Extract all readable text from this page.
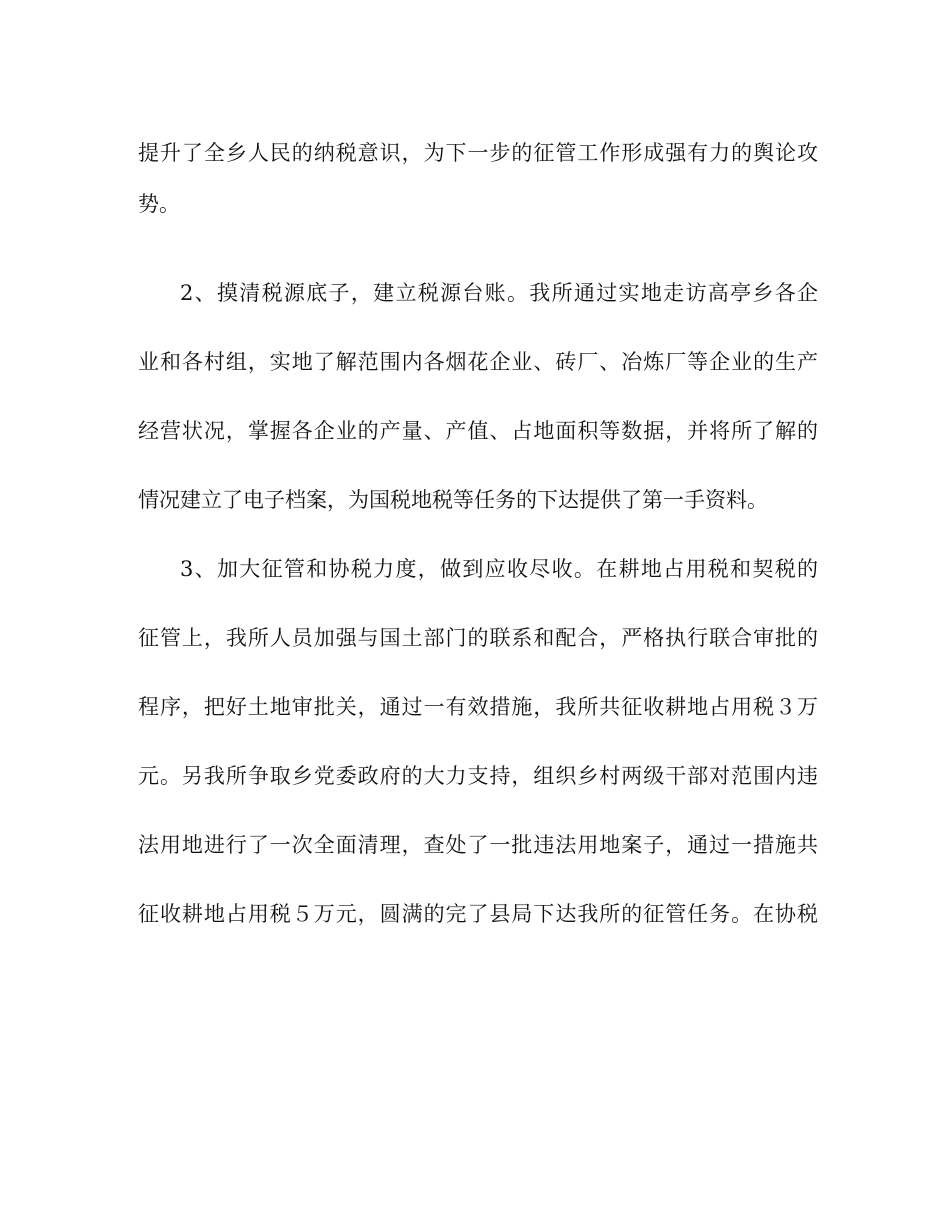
提升了全乡人民的纳税意识，为下一步的征管工作形成强有力的舆论攻
势。
2、摸清税源底子，建立税源台账。我所通过实地走访高亭乡各企
业和各村组，实地了解范围内各烟花企业、砖厂、冶炼厂等企业的生产
经营状况，掌握各企业的产量、产值、占地面积等数据，并将所了解的
情况建立了电子档案，为国税地税等任务的下达提供了第一手资料。
3、加大征管和协税力度，做到应收尽收。在耕地占用税和契税的
征管上，我所人员加强与国土部门的联系和配合，严格执行联合审批的
程序，把好土地审批关，通过一有效措施，我所共征收耕地占用税３万
元。另我所争取乡党委政府的大力支持，组织乡村两级干部对范围内违
法用地进行了一次全面清理，查处了一批违法用地案子，通过一措施共
征收耕地占用税５万元，圆满的完了县局下达我所的征管任务。在协税
